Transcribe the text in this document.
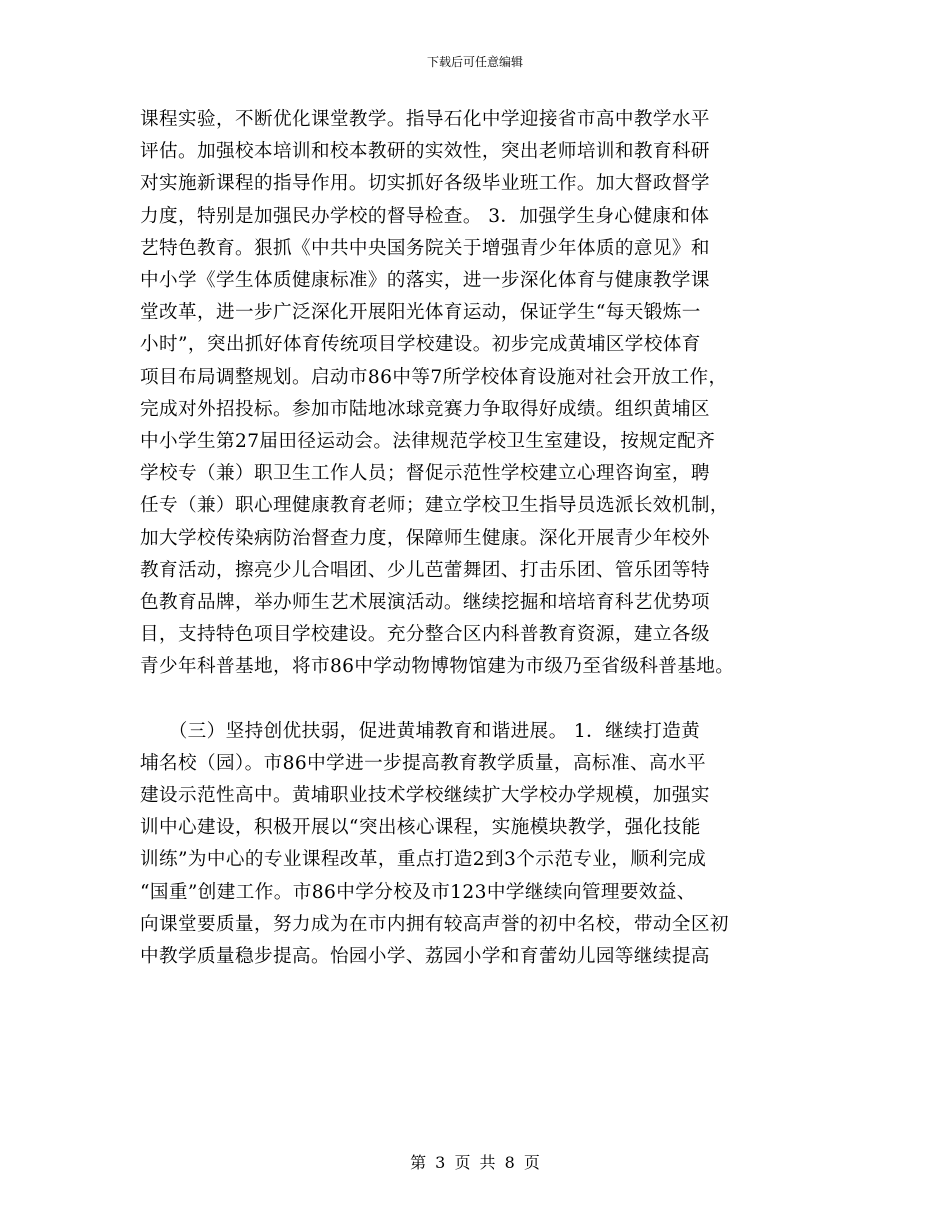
下载后可任意编辑
课程实验，不断优化课堂教学。指导石化中学迎接省市高中教学水平
评估。加强校本培训和校本教研的实效性，突出老师培训和教育科研
对实施新课程的指导作用。切实抓好各级毕业班工作。加大督政督学
力度，特别是加强民办学校的督导检查。 3．加强学生身心健康和体
艺特色教育。狠抓《中共中央国务院关于增强青少年体质的意见》和
中小学《学生体质健康标准》的落实，进一步深化体育与健康教学课
堂改革，进一步广泛深化开展阳光体育运动，保证学生“每天锻炼一
小时”，突出抓好体育传统项目学校建设。初步完成黄埔区学校体育
项目布局调整规划。启动市86中等7所学校体育设施对社会开放工作，
完成对外招投标。参加市陆地冰球竞赛力争取得好成绩。组织黄埔区
中小学生第27届田径运动会。法律规范学校卫生室建设，按规定配齐
学校专（兼）职卫生工作人员；督促示范性学校建立心理咨询室，聘
任专（兼）职心理健康教育老师；建立学校卫生指导员选派长效机制，
加大学校传染病防治督查力度，保障师生健康。深化开展青少年校外
教育活动，擦亮少儿合唱团、少儿芭蕾舞团、打击乐团、管乐团等特
色教育品牌，举办师生艺术展演活动。继续挖掘和培培育科艺优势项
目，支持特色项目学校建设。充分整合区内科普教育资源，建立各级
青少年科普基地，将市86中学动物博物馆建为市级乃至省级科普基地。
　　（三）坚持创优扶弱，促进黄埔教育和谐进展。 1．继续打造黄
埔名校（园）。市86中学进一步提高教育教学质量，高标准、高水平
建设示范性高中。黄埔职业技术学校继续扩大学校办学规模，加强实
训中心建设，积极开展以“突出核心课程，实施模块教学，强化技能
训练”为中心的专业课程改革，重点打造2到3个示范专业，顺利完成
“国重”创建工作。市86中学分校及市123中学继续向管理要效益、
向课堂要质量，努力成为在市内拥有较高声誉的初中名校，带动全区初
中教学质量稳步提高。怡园小学、荔园小学和育蕾幼儿园等继续提高
第 3 页 共 8 页
